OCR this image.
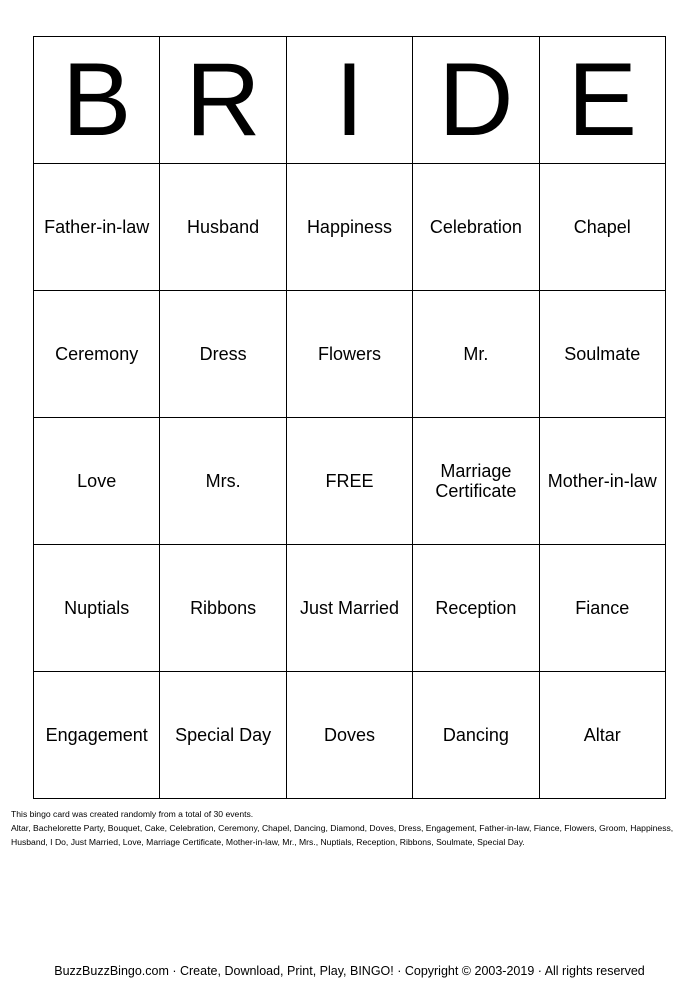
B	R	I	D	E
Father-in-law	Husband	Happiness	Celebration	Chapel
Ceremony	Dress	Flowers	Mr.	Soulmate
Love	Mrs.	FREE	Marriage Certificate	Mother-in-law
Nuptials	Ribbons	Just Married	Reception	Fiance
Engagement	Special Day	Doves	Dancing	Altar

This bingo card was created randomly from a total of 30 events.

Altar, Bachelorette Party, Bouquet, Cake, Celebration, Ceremony, Chapel, Dancing, Diamond, Doves, Dress, Engagement, Father-in-law, Fiance, Flowers, Groom, Happiness, Husband, I Do, Just Married, Love, Marriage Certificate, Mother-in-law, Mr., Mrs., Nuptials, Reception, Ribbons, Soulmate, Special Day.

BuzzBuzzBingo.com · Create, Download, Print, Play, BINGO! · Copyright © 2003-2019 · All rights reserved
